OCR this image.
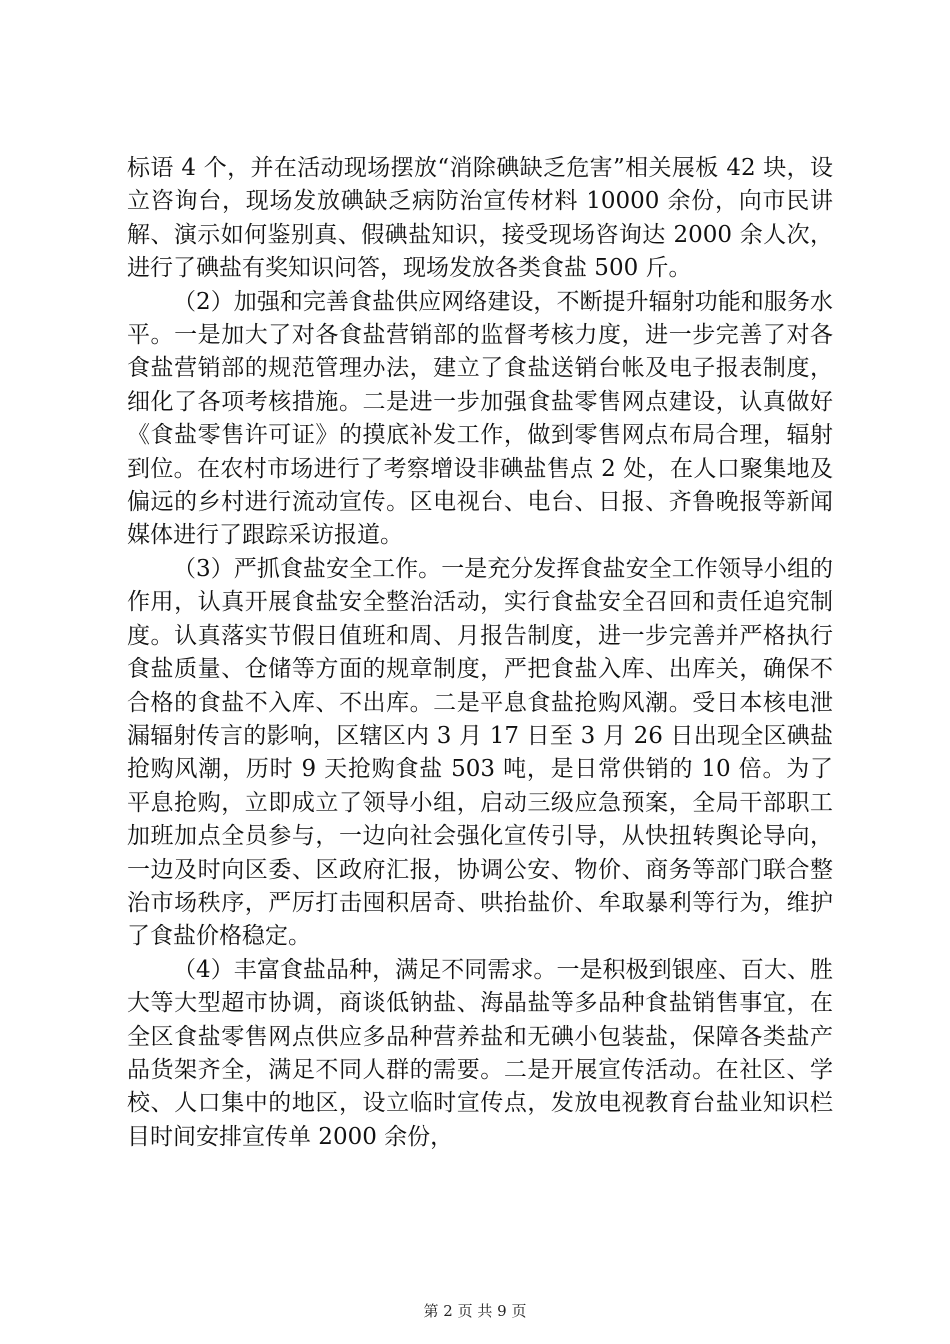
标语 4 个，并在活动现场摆放“消除碘缺乏危害”相关展板 42 块，设立咨询台，现场发放碘缺乏病防治宣传材料 10000 余份，向市民讲解、演示如何鉴别真、假碘盐知识，接受现场咨询达 2000 余人次，进行了碘盐有奖知识问答，现场发放各类食盐 500 斤。

（2）加强和完善食盐供应网络建设，不断提升辐射功能和服务水平。一是加大了对各食盐营销部的监督考核力度，进一步完善了对各食盐营销部的规范管理办法，建立了食盐送销台帐及电子报表制度，细化了各项考核措施。二是进一步加强食盐零售网点建设，认真做好《食盐零售许可证》的摸底补发工作，做到零售网点布局合理，辐射到位。在农村市场进行了考察增设非碘盐售点 2 处，在人口聚集地及偏远的乡村进行流动宣传。区电视台、电台、日报、齐鲁晚报等新闻媒体进行了跟踪采访报道。

（3）严抓食盐安全工作。一是充分发挥食盐安全工作领导小组的作用，认真开展食盐安全整治活动，实行食盐安全召回和责任追究制度。认真落实节假日值班和周、月报告制度，进一步完善并严格执行食盐质量、仓储等方面的规章制度，严把食盐入库、出库关，确保不合格的食盐不入库、不出库。二是平息食盐抢购风潮。受日本核电泄漏辐射传言的影响，区辖区内 3 月 17 日至 3 月 26 日出现全区碘盐抢购风潮，历时 9 天抢购食盐 503 吨，是日常供销的 10 倍。为了平息抢购，立即成立了领导小组，启动三级应急预案，全局干部职工加班加点全员参与，一边向社会强化宣传引导，从快扭转舆论导向，一边及时向区委、区政府汇报，协调公安、物价、商务等部门联合整治市场秩序，严厉打击囤积居奇、哄抬盐价、牟取暴利等行为，维护了食盐价格稳定。

（4）丰富食盐品种，满足不同需求。一是积极到银座、百大、胜大等大型超市协调，商谈低钠盐、海晶盐等多品种食盐销售事宜，在全区食盐零售网点供应多品种营养盐和无碘小包装盐，保障各类盐产品货架齐全，满足不同人群的需要。二是开展宣传活动。在社区、学校、人口集中的地区，设立临时宣传点，发放电视教育台盐业知识栏目时间安排宣传单 2000 余份，

第 2 页 共 9 页
